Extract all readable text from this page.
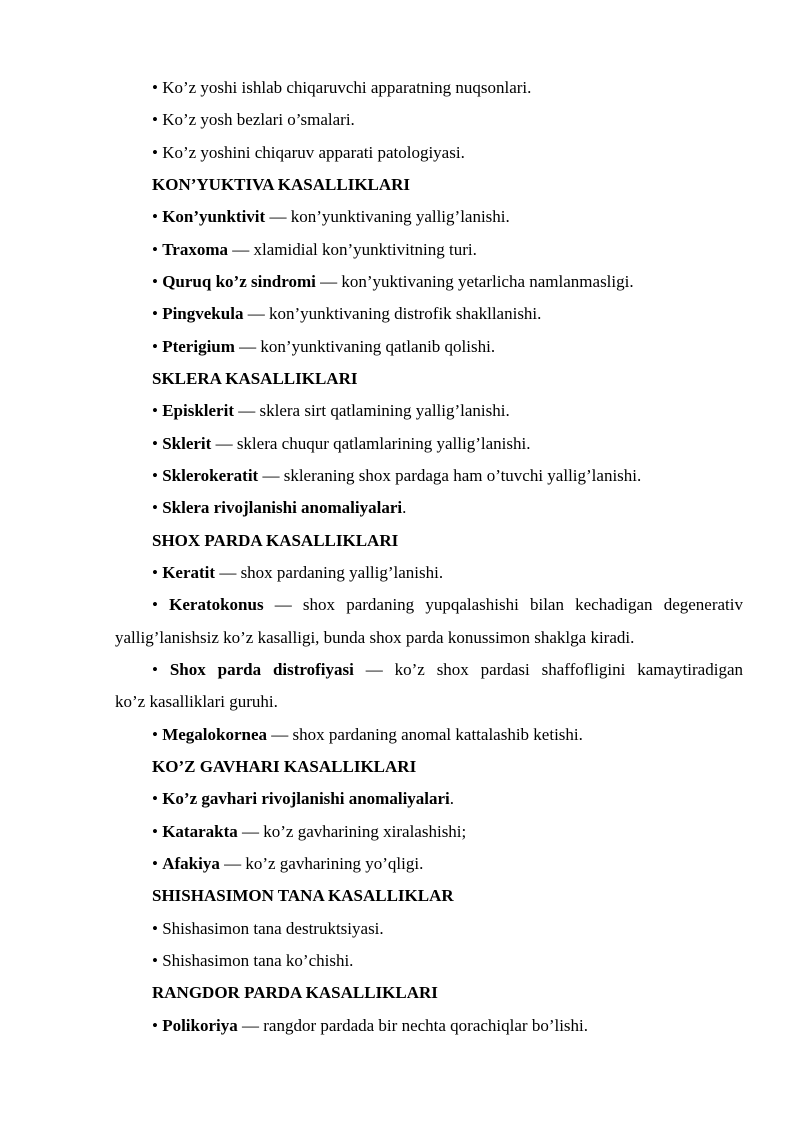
• Ko’z yoshi ishlab chiqaruvchi apparatning nuqsonlari.
• Ko’z yosh bezlari o’smalari.
• Ko’z yoshini chiqaruv apparati patologiyasi.
KON’YUKTIVA KASALLIKLARI
• Kon’yunktivit — kon’yunktivaning yallig’lanishi.
• Traxoma — xlamidial kon’yunktivitning turi.
• Quruq ko’z sindromi — kon’yuktivaning yetarlicha namlanmasligi.
• Pingvekula — kon’yunktivaning distrofik shakllanishi.
• Pterigium — kon’yunktivaning qatlanib qolishi.
SKLERA KASALLIKLARI
• Episklerit — sklera sirt qatlamining yallig’lanishi.
• Sklerit — sklera chuqur qatlamlarining yallig’lanishi.
• Sklerokeratit — skleraning shox pardaga ham o’tuvchi yallig’lanishi.
• Sklera rivojlanishi anomaliyalari.
SHOX PARDA KASALLIKLARI
• Keratit — shox pardaning yallig’lanishi.
• Keratokonus — shox pardaning yupqalashishi bilan kechadigan degenerativ
yallig’lanishsiz ko’z kasalligi, bunda shox parda konussimon shaklga kiradi.
• Shox parda distrofiyasi — ko’z shox pardasi shaffofligini kamaytiradigan
ko’z kasalliklari guruhi.
• Megalokornea — shox pardaning anomal kattalashib ketishi.
KO’Z GAVHARI KASALLIKLARI
• Ko’z gavhari rivojlanishi anomaliyalari.
• Katarakta — ko’z gavharining xiralashishi;
• Afakiya — ko’z gavharining yo’qligi.
SHISHASIMON TANA KASALLIKLAR
• Shishasimon tana destruktsiyasi.
• Shishasimon tana ko’chishi.
RANGDOR PARDA KASALLIKLARI
• Polikoriya — rangdor pardada bir nechta qorachiqlar bo’lishi.
